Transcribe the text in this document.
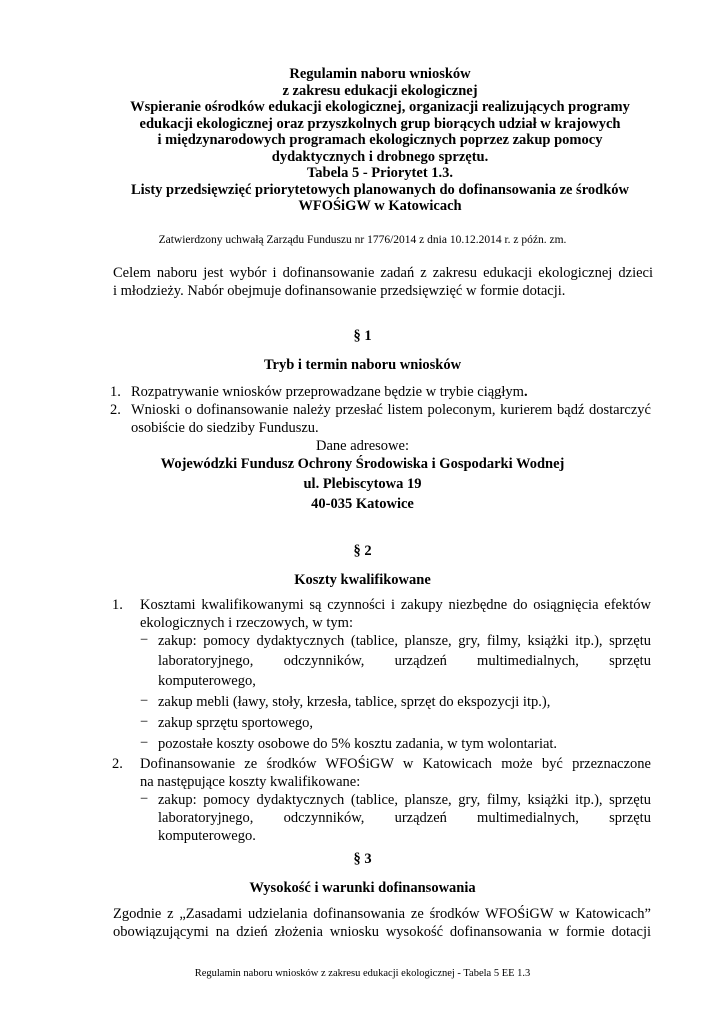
Regulamin naboru wniosków
z zakresu edukacji ekologicznej
Wspieranie ośrodków edukacji ekologicznej, organizacji realizujących programy
edukacji ekologicznej oraz przyszkolnych grup biorących udział w krajowych
i międzynarodowych programach ekologicznych poprzez zakup pomocy
dydaktycznych i drobnego sprzętu.
Tabela 5 - Priorytet 1.3.
Listy przedsięwzięć priorytetowych planowanych do dofinansowania ze środków
WFOŚiGW w Katowicach
Zatwierdzony uchwałą Zarządu Funduszu nr 1776/2014 z dnia 10.12.2014 r. z późn. zm.
Celem naboru jest wybór i dofinansowanie zadań z zakresu edukacji ekologicznej dzieci
i młodzieży. Nabór obejmuje dofinansowanie przedsięwzięć w formie dotacji.
§ 1
Tryb i termin naboru wniosków
1. Rozpatrywanie wniosków przeprowadzane będzie w trybie ciągłym.
2. Wnioski o dofinansowanie należy przesłać listem poleconym, kurierem bądź dostarczyć
osobiście do siedziby Funduszu.
Dane adresowe:
Wojewódzki Fundusz Ochrony Środowiska i Gospodarki Wodnej
ul. Plebiscytowa 19
40-035 Katowice
§ 2
Koszty kwalifikowane
1. Kosztami kwalifikowanymi są czynności i zakupy niezbędne do osiągnięcia efektów
ekologicznych i rzeczowych, w tym:
− zakup: pomocy dydaktycznych (tablice, plansze, gry, filmy, książki itp.), sprzętu
laboratoryjnego, odczynników, urządzeń multimedialnych, sprzętu
komputerowego,
− zakup mebli (ławy, stoły, krzesła, tablice, sprzęt do ekspozycji itp.),
− zakup sprzętu sportowego,
− pozostałe koszty osobowe do 5% kosztu zadania, w tym wolontariat.
2. Dofinansowanie ze środków WFOŚiGW w Katowicach może być przeznaczone
na następujące koszty kwalifikowane:
− zakup: pomocy dydaktycznych (tablice, plansze, gry, filmy, książki itp.), sprzętu
laboratoryjnego, odczynników, urządzeń multimedialnych, sprzętu
komputerowego.
§ 3
Wysokość i warunki dofinansowania
Zgodnie z „Zasadami udzielania dofinansowania ze środków WFOŚiGW w Katowicach”
obowiązującymi na dzień złożenia wniosku wysokość dofinansowania w formie dotacji
Regulamin naboru wniosków z zakresu edukacji ekologicznej - Tabela 5 EE 1.3
